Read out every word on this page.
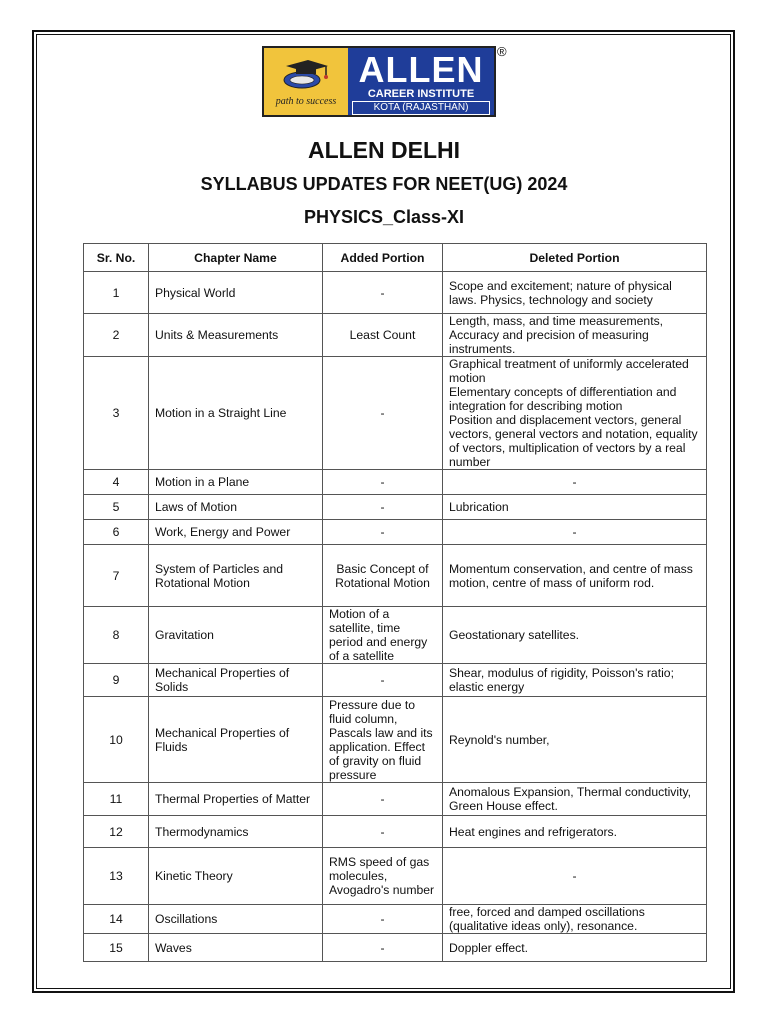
path to success
ALLEN
CAREER INSTITUTE
KOTA (RAJASTHAN)
®
ALLEN DELHI
SYLLABUS UPDATES FOR NEET(UG) 2024
PHYSICS_Class-XI
Sr. No.	Chapter Name	Added Portion	Deleted Portion
1	Physical World	-	Scope and excitement; nature of physical laws. Physics, technology and society
2	Units & Measurements	Least Count	Length, mass, and time measurements, Accuracy and precision of measuring instruments.
3	Motion in a Straight Line	-	Graphical treatment of uniformly accelerated motion
Elementary concepts of differentiation and integration for describing motion
Position and displacement vectors, general vectors, general vectors and notation, equality of vectors, multiplication of vectors by a real number
4	Motion in a Plane	-	-
5	Laws of Motion	-	Lubrication
6	Work, Energy and Power	-	-
7	System of Particles and Rotational Motion	Basic Concept of Rotational Motion	Momentum conservation, and centre of mass motion, centre of mass of uniform rod.
8	Gravitation	Motion of a satellite, time period and energy of a satellite	Geostationary satellites.
9	Mechanical Properties of Solids	-	Shear, modulus of rigidity, Poisson's ratio; elastic energy
10	Mechanical Properties of Fluids	Pressure due to fluid column, Pascals law and its application. Effect of gravity on fluid pressure	Reynold's number,
11	Thermal Properties of Matter	-	Anomalous Expansion, Thermal conductivity, Green House effect.
12	Thermodynamics	-	Heat engines and refrigerators.
13	Kinetic Theory	RMS speed of gas molecules, Avogadro's number	-
14	Oscillations	-	free, forced and damped oscillations (qualitative ideas only), resonance.
15	Waves	-	Doppler effect.
